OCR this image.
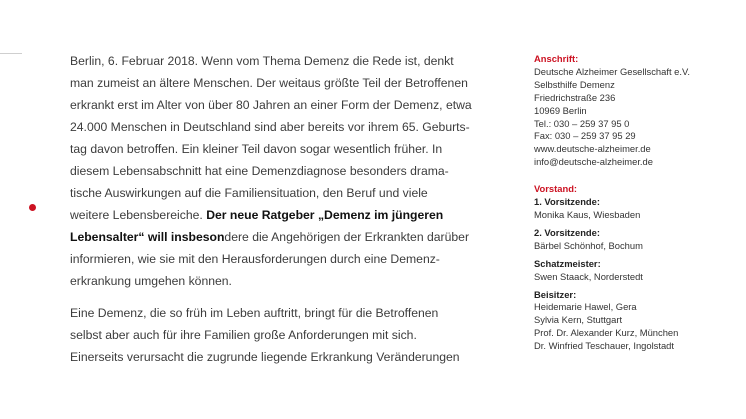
Berlin, 6. Februar 2018. Wenn vom Thema Demenz die Rede ist, denkt
man zumeist an ältere Menschen. Der weitaus größte Teil der Betroffenen
erkrankt erst im Alter von über 80 Jahren an einer Form der Demenz, etwa
24.000 Menschen in Deutschland sind aber bereits vor ihrem 65. Geburts-
tag davon betroffen. Ein kleiner Teil davon sogar wesentlich früher. In
diesem Lebensabschnitt hat eine Demenzdiagnose besonders drama-
tische Auswirkungen auf die Familiensituation, den Beruf und viele
weitere Lebensbereiche. Der neue Ratgeber „Demenz im jüngeren
Lebensalter“ will insbesondere die Angehörigen der Erkrankten darüber
informieren, wie sie mit den Herausforderungen durch eine Demenz-
erkrankung umgehen können.
Eine Demenz, die so früh im Leben auftritt, bringt für die Betroffenen
selbst aber auch für ihre Familien große Anforderungen mit sich.
Einerseits verursacht die zugrunde liegende Erkrankung Veränderungen
Anschrift:
Deutsche Alzheimer Gesellschaft e.V.
Selbsthilfe Demenz
Friedrichstraße 236
10969 Berlin
Tel.: 030 – 259 37 95 0
Fax: 030 – 259 37 95 29
www.deutsche-alzheimer.de
info@deutsche-alzheimer.de
Vorstand:
1. Vorsitzende:
Monika Kaus, Wiesbaden
2. Vorsitzende:
Bärbel Schönhof, Bochum
Schatzmeister:
Swen Staack, Norderstedt
Beisitzer:
Heidemarie Hawel, Gera
Sylvia Kern, Stuttgart
Prof. Dr. Alexander Kurz, München
Dr. Winfried Teschauer, Ingolstadt
